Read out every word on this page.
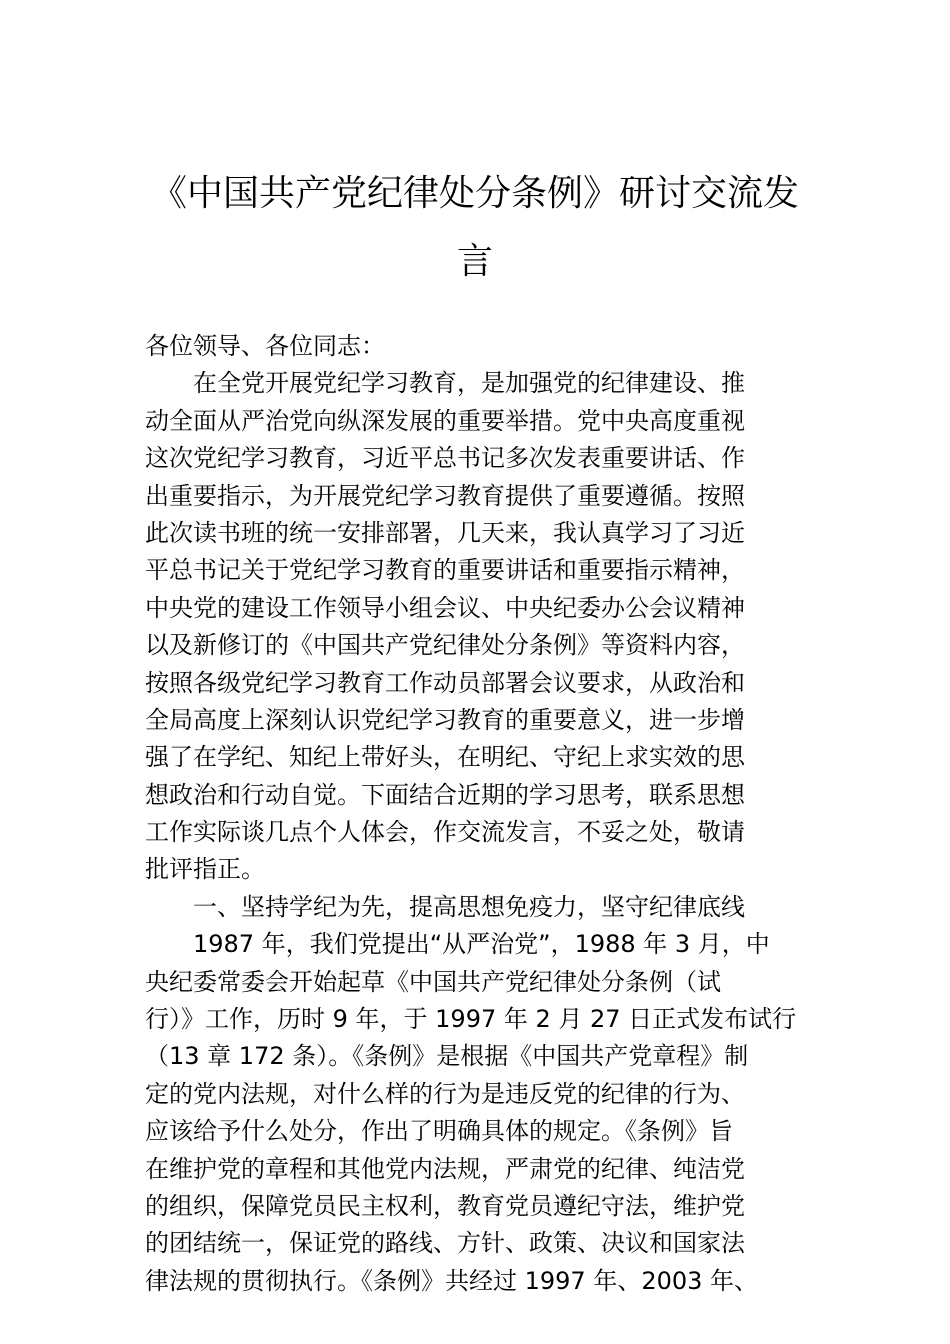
《中国共产党纪律处分条例》研讨交流发
言
各位领导、各位同志：
　　在全党开展党纪学习教育，是加强党的纪律建设、推
动全面从严治党向纵深发展的重要举措。党中央高度重视
这次党纪学习教育，习近平总书记多次发表重要讲话、作
出重要指示，为开展党纪学习教育提供了重要遵循。按照
此次读书班的统一安排部署，几天来，我认真学习了习近
平总书记关于党纪学习教育的重要讲话和重要指示精神，
中央党的建设工作领导小组会议、中央纪委办公会议精神
以及新修订的《中国共产党纪律处分条例》等资料内容，
按照各级党纪学习教育工作动员部署会议要求，从政治和
全局高度上深刻认识党纪学习教育的重要意义，进一步增
强了在学纪、知纪上带好头，在明纪、守纪上求实效的思
想政治和行动自觉。下面结合近期的学习思考，联系思想
工作实际谈几点个人体会，作交流发言，不妥之处，敬请
批评指正。
　　一、坚持学纪为先，提高思想免疫力，坚守纪律底线
　　1987 年，我们党提出“从严治党”，1988 年 3 月，中
央纪委常委会开始起草《中国共产党纪律处分条例（试
行）》工作，历时 9 年，于 1997 年 2 月 27 日正式发布试行
（13 章 172 条）。《条例》是根据《中国共产党章程》制
定的党内法规，对什么样的行为是违反党的纪律的行为、
应该给予什么处分，作出了明确具体的规定。《条例》旨
在维护党的章程和其他党内法规，严肃党的纪律、纯洁党
的组织，保障党员民主权利，教育党员遵纪守法，维护党
的团结统一，保证党的路线、方针、政策、决议和国家法
律法规的贯彻执行。《条例》共经过 1997 年、2003 年、
